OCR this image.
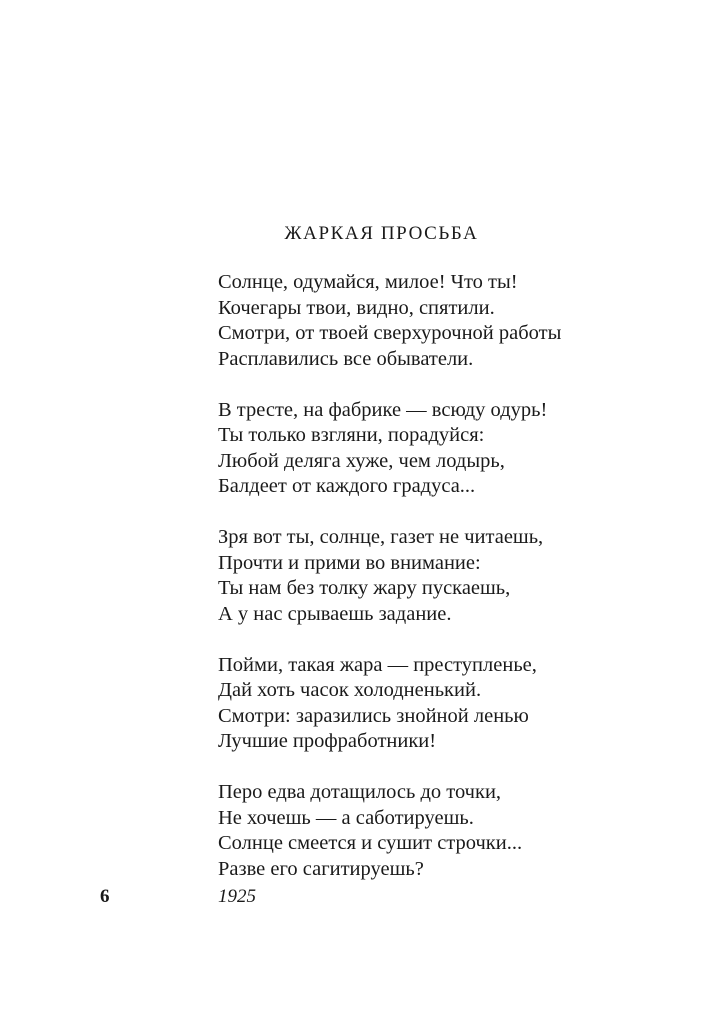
ЖАРКАЯ ПРОСЬБА
Солнце, одумайся, милое! Что ты!
Кочегары твои, видно, спятили.
Смотри, от твоей сверхурочной работы
Расплавились все обыватели.
В тресте, на фабрике — всюду одурь!
Ты только взгляни, порадуйся:
Любой деляга хуже, чем лодырь,
Балдеет от каждого градуса...
Зря вот ты, солнце, газет не читаешь,
Прочти и прими во внимание:
Ты нам без толку жару пускаешь,
А у нас срываешь задание.
Пойми, такая жара — преступленье,
Дай хоть часок холодненький.
Смотри: заразились знойной ленью
Лучшие профработники!
Перо едва дотащилось до точки,
Не хочешь — а саботируешь.
Солнце смеется и сушит строчки...
Разве его сагитируешь?
6	1925
